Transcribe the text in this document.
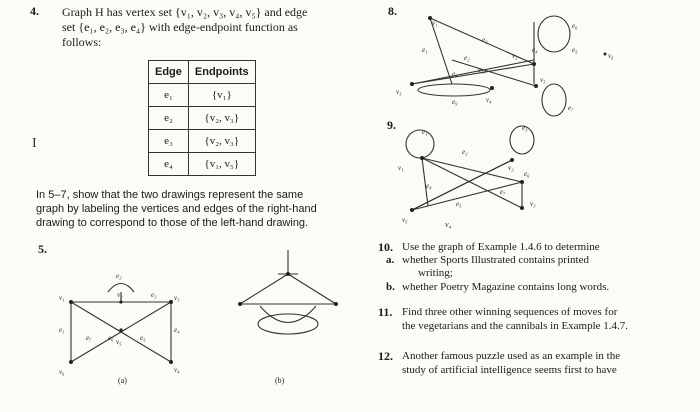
4. Graph H has vertex set {v₁, v₂, v₃, v₄, v₅} and edge
set {e₁, e₂, e₃, e₄} with edge-endpoint function as
follows:
Edge	Endpoints
e₁	{v₁}
e₂	{v₂, v₃}
e₃	{v₂, v₃}
e₄	{v₁, v₅}
I
In 5–7, show that the two drawings represent the same
graph by labeling the vertices and edges of the right-hand
drawing to correspond to those of the left-hand drawing.
5.
v₁	v₂	v₃
v₄
v₅
v₆
e₁
e₂
e₃
e₄
e₅
e₆
e₇
(a)	(b)
8.
v₁
v₂
v₃
v₄
v₅
v₆
e₁
e₂
e₃
e₄	e₅
e₆
e₇
e₈
e₉
e₁₀
9.
v₁	v₂
v₃
v₅
e₁
e₂
e₃
e₄
e₅
e₆
e₇
v₄
10. Use the graph of Example 1.4.6 to determine
a. whether Sports Illustrated contains printed
writing;
b. whether Poetry Magazine contains long words.
11. Find three other winning sequences of moves for
the vegetarians and the cannibals in Example 1.4.7.
12. Another famous puzzle used as an example in the
study of artificial intelligence seems first to have
